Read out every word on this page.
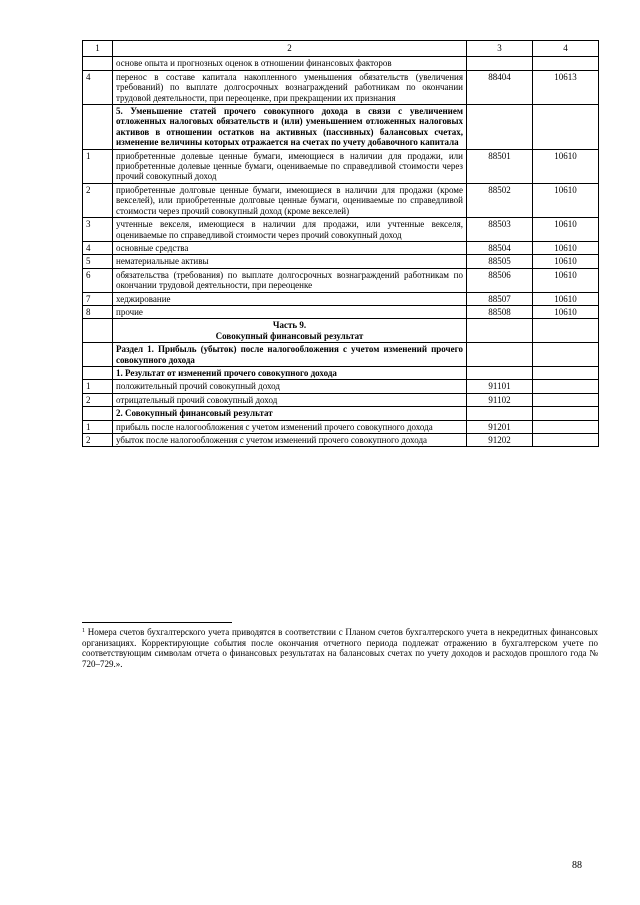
1	2	3	4
	основе опыта и прогнозных оценок в отношении финансовых факторов		
4	перенос в составе капитала накопленного уменьшения обязательств (увеличения требований) по выплате долгосрочных вознаграждений работникам по окончании трудовой деятельности, при переоценке, при прекращении их признания	88404	10613
	5. Уменьшение статей прочего совокупного дохода в связи с увеличением отложенных налоговых обязательств и (или) уменьшением отложенных налоговых активов в отношении остатков на активных (пассивных) балансовых счетах, изменение величины которых отражается на счетах по учету добавочного капитала		
1	приобретенные долевые ценные бумаги, имеющиеся в наличии для продажи, или приобретенные долевые ценные бумаги, оцениваемые по справедливой стоимости через прочий совокупный доход	88501	10610
2	приобретенные долговые ценные бумаги, имеющиеся в наличии для продажи (кроме векселей), или приобретенные долговые ценные бумаги, оцениваемые по справедливой стоимости через прочий совокупный доход (кроме векселей)	88502	10610
3	учтенные векселя, имеющиеся в наличии для продажи, или учтенные векселя, оцениваемые по справедливой стоимости через прочий совокупный доход	88503	10610
4	основные средства	88504	10610
5	нематериальные активы	88505	10610
6	обязательства (требования) по выплате долгосрочных вознаграждений работникам по окончании трудовой деятельности, при переоценке	88506	10610
7	хеджирование	88507	10610
8	прочие	88508	10610
	Часть 9.
Совокупный финансовый результат		
	Раздел 1. Прибыль (убыток) после налогообложения с учетом изменений прочего совокупного дохода		
	1. Результат от изменений прочего совокупного дохода		
1	положительный прочий совокупный доход	91101	
2	отрицательный прочий совокупный доход	91102	
	2. Совокупный финансовый результат		
1	прибыль после налогообложения с учетом изменений прочего совокупного дохода	91201	
2	убыток после налогообложения с учетом изменений прочего совокупного дохода	91202	
$^1$ Номера счетов бухгалтерского учета приводятся в соответствии с Планом счетов бухгалтерского учета в некредитных финансовых организациях. Корректирующие события после окончания отчетного периода подлежат отражению в бухгалтерском учете по соответствующим символам отчета о финансовых результатах на балансовых счетах по учету доходов и расходов прошлого года № 720–729.».
88
